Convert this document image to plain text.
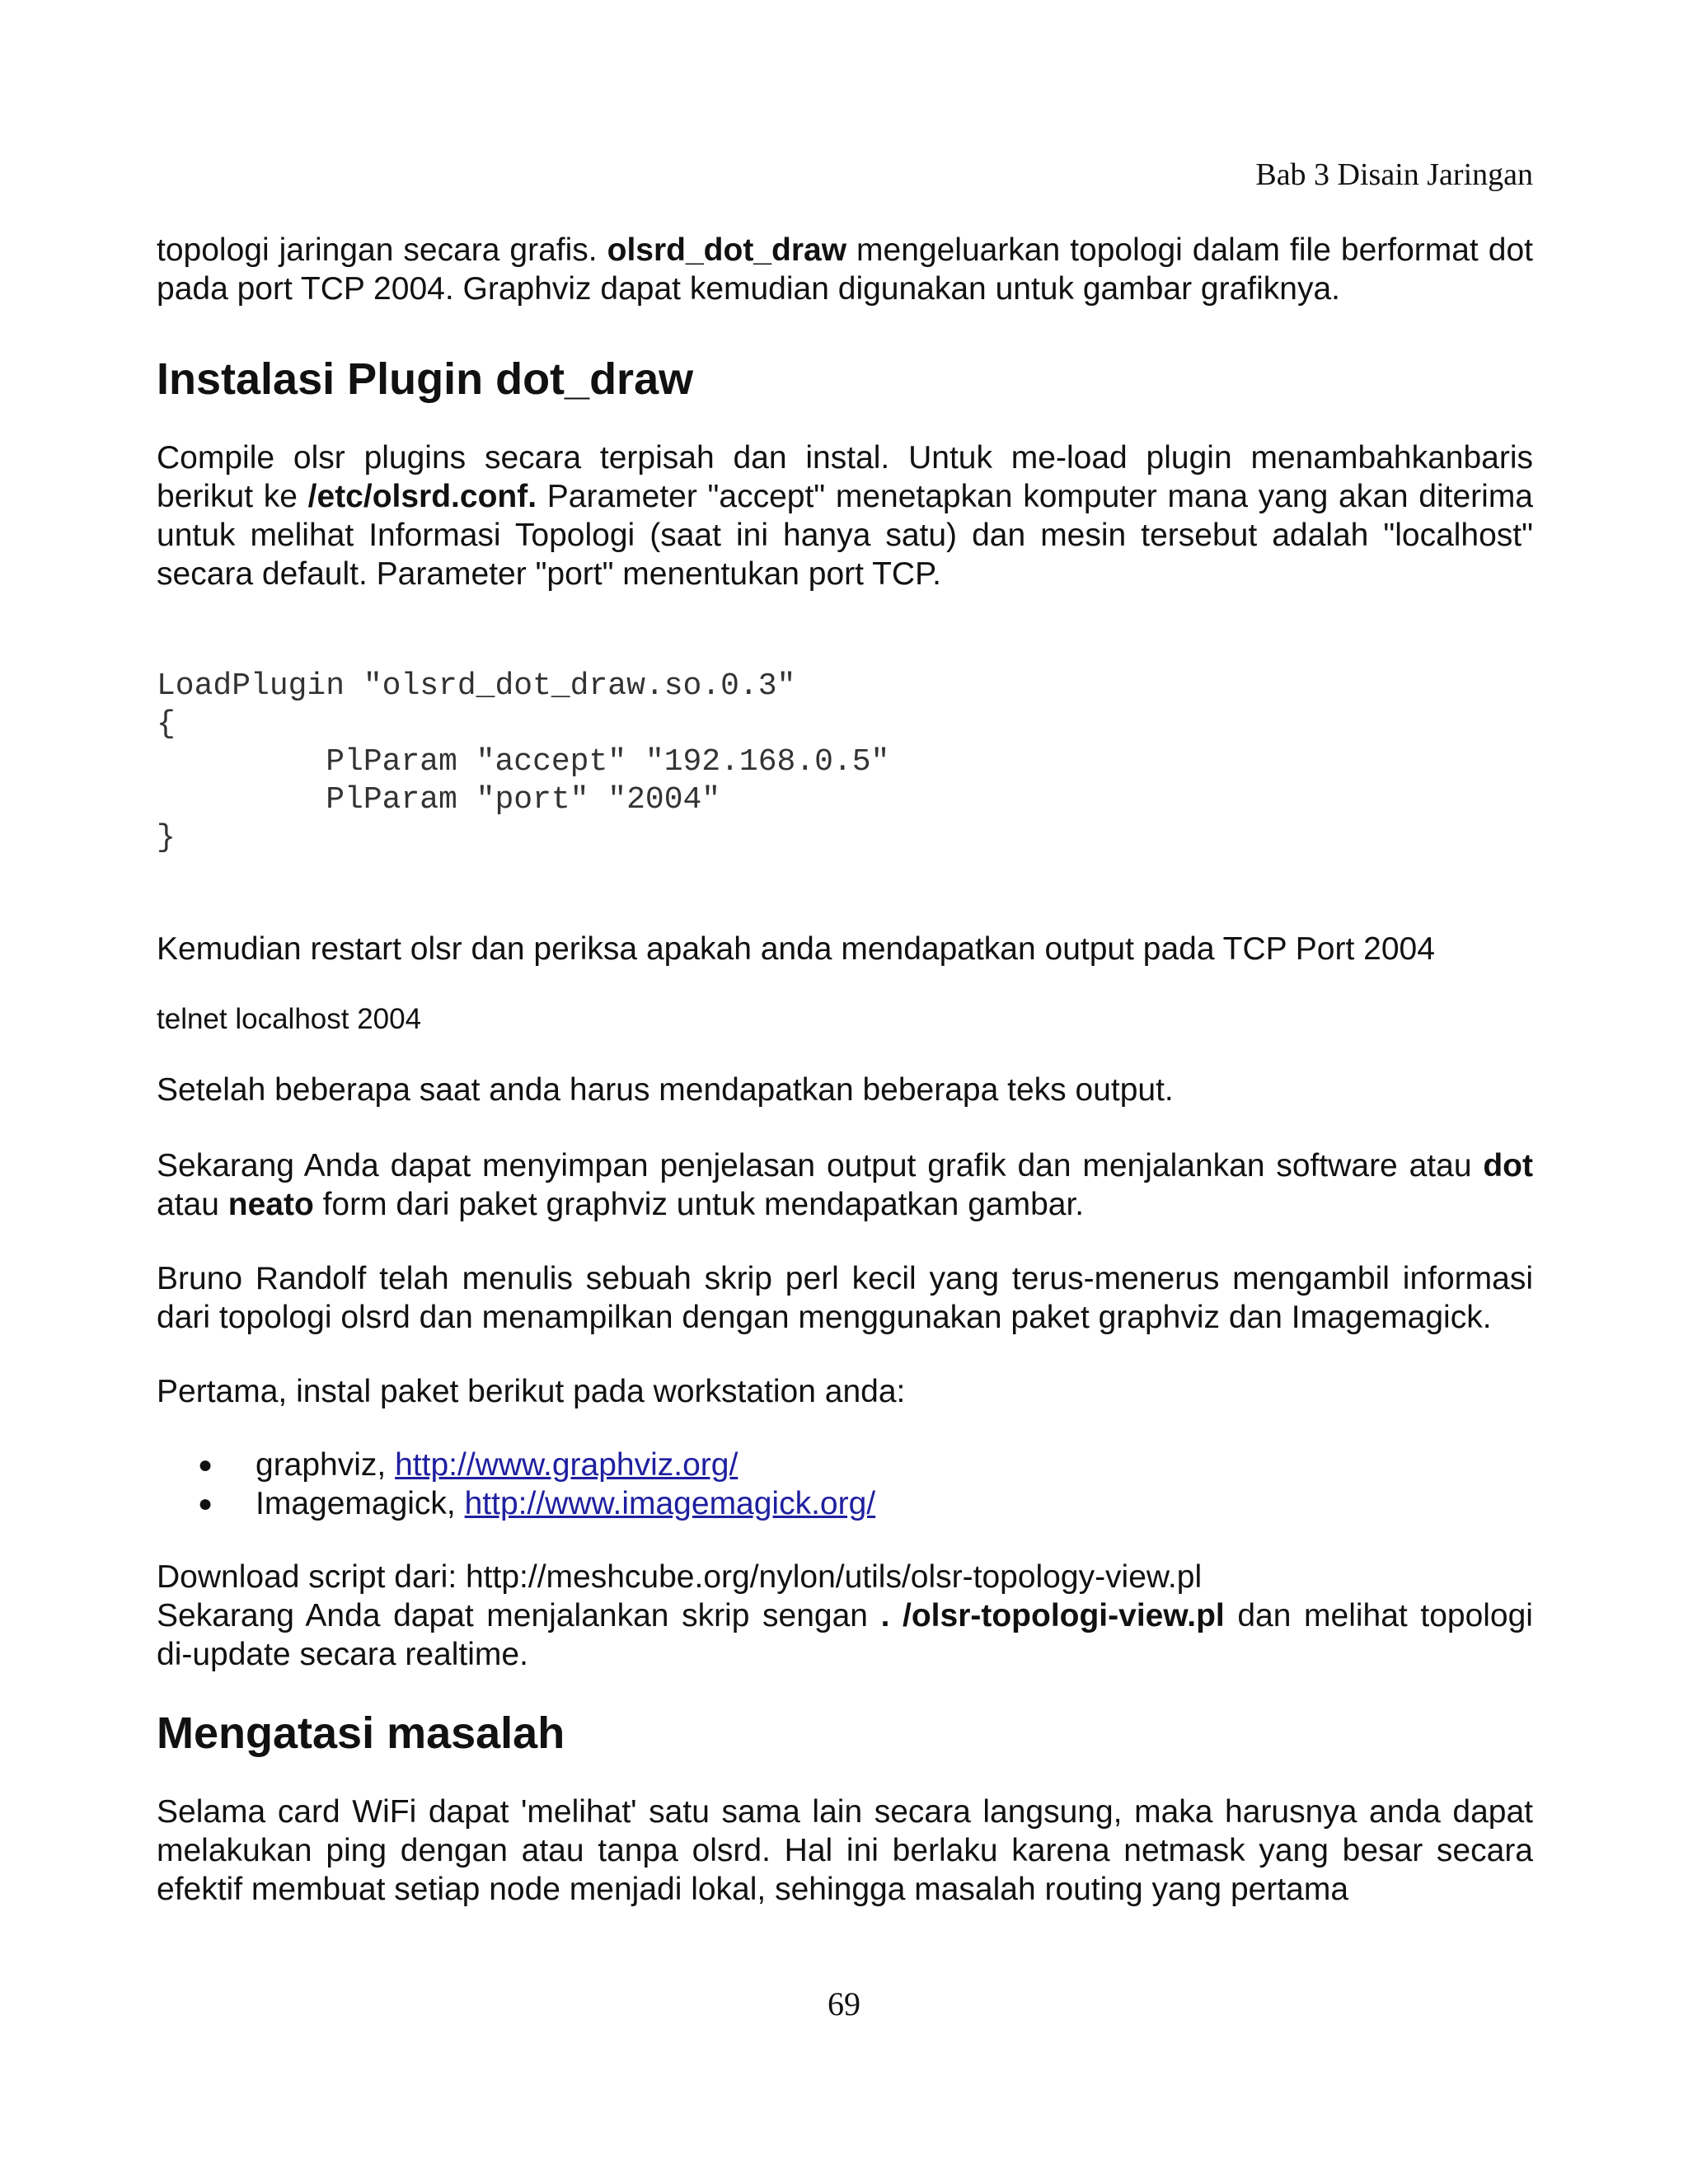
Bab 3 Disain Jaringan

topologi jaringan secara grafis. olsrd_dot_draw mengeluarkan topologi dalam file berformat dot pada port TCP 2004. Graphviz dapat kemudian digunakan untuk gambar grafiknya.

Instalasi Plugin dot_draw

Compile olsr plugins secara terpisah dan instal. Untuk me-load plugin menambahkanbaris berikut ke /etc/olsrd.conf. Parameter "accept" menetapkan komputer mana yang akan diterima untuk melihat Informasi Topologi (saat ini hanya satu) dan mesin tersebut adalah "localhost" secara default. Parameter "port" menentukan port TCP.

LoadPlugin "olsrd_dot_draw.so.0.3"
{
PlParam "accept" "192.168.0.5"
PlParam "port" "2004"
}

Kemudian restart olsr dan periksa apakah anda mendapatkan output pada TCP Port 2004

telnet localhost 2004

Setelah beberapa saat anda harus mendapatkan beberapa teks output.

Sekarang Anda dapat menyimpan penjelasan output grafik dan menjalankan software atau dot atau neato form dari paket graphviz untuk mendapatkan gambar.

Bruno Randolf telah menulis sebuah skrip perl kecil yang terus-menerus mengambil informasi dari topologi olsrd dan menampilkan dengan menggunakan paket graphviz dan Imagemagick.

Pertama, instal paket berikut pada workstation anda:

● graphviz, http://www.graphviz.org/
● Imagemagick, http://www.imagemagick.org/

Download script dari: http://meshcube.org/nylon/utils/olsr-topology-view.pl

Sekarang Anda dapat menjalankan skrip sengan . /olsr-topologi-view.pl dan melihat topologi di-update secara realtime.

Mengatasi masalah

Selama card WiFi dapat 'melihat' satu sama lain secara langsung, maka harusnya anda dapat melakukan ping dengan atau tanpa olsrd. Hal ini berlaku karena netmask yang besar secara efektif membuat setiap node menjadi lokal, sehingga masalah routing yang pertama

69
